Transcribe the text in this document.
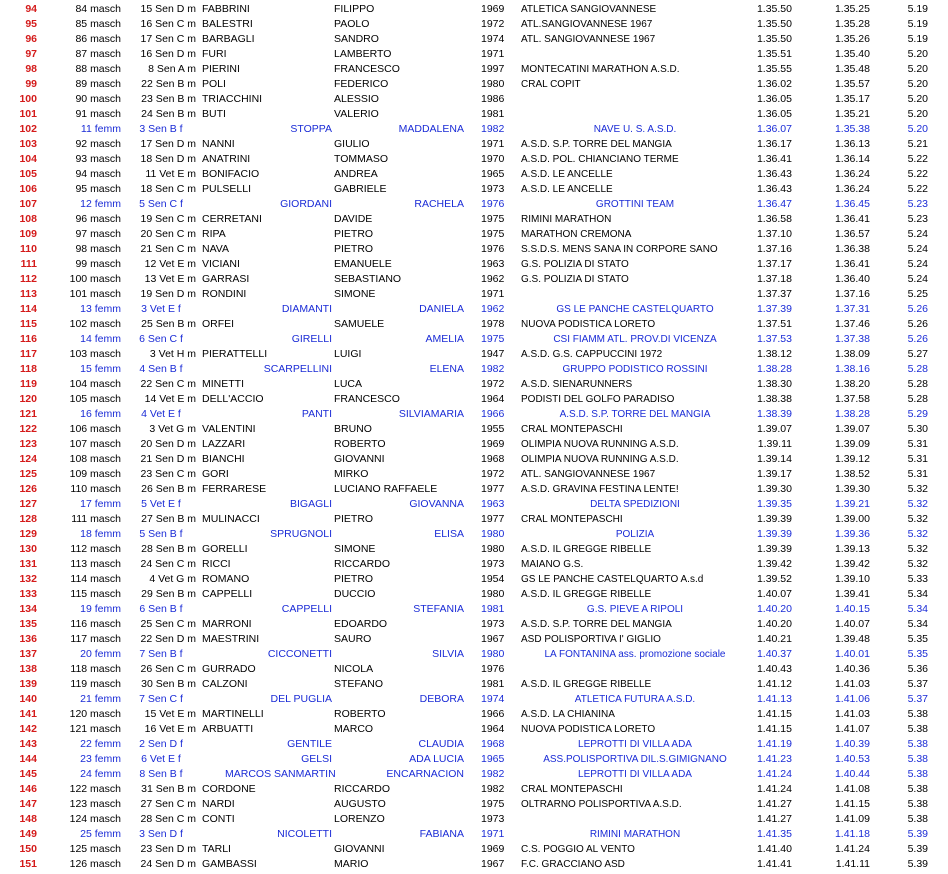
94	84 masch	15 Sen D m FABBRINI	FILIPPO	1969 ATLETICA SANGIOVANNESE	1.35.50	1.35.25	5.19
95	85 masch	16 Sen C m BALESTRI	PAOLO	1972 ATL.SANGIOVANNESE 1967	1.35.50	1.35.28	5.19
96	86 masch	17 Sen C m BARBAGLI	SANDRO	1974 ATL. SANGIOVANNESE 1967	1.35.50	1.35.26	5.19
97	87 masch	16 Sen D m FURI	LAMBERTO	1971	1.35.51	1.35.40	5.20
98	88 masch	8 Sen A m PIERINI	FRANCESCO	1997 MONTECATINI MARATHON A.S.D.	1.35.55	1.35.48	5.20
99	89 masch	22 Sen B m POLI	FEDERICO	1980 CRAL COPIT	1.36.02	1.35.57	5.20
100	90 masch	23 Sen B m TRIACCHINI	ALESSIO	1986	1.36.05	1.35.17	5.20
101	91 masch	24 Sen B m BUTI	VALERIO	1981	1.36.05	1.35.21	5.20
102	11 femm	3 Sen B f	STOPPA	MADDALENA 1982	NAVE U. S. A.S.D.	1.36.07	1.35.38	5.20
103	92 masch	17 Sen D m NANNI	GIULIO	1971 A.S.D. S.P. TORRE DEL MANGIA	1.36.17	1.36.13	5.21
104	93 masch	18 Sen D m ANATRINI	TOMMASO	1970 A.S.D. POL. CHIANCIANO TERME	1.36.41	1.36.14	5.22
105	94 masch	11 Vet E m BONIFACIO	ANDREA	1965 A.S.D. LE ANCELLE	1.36.43	1.36.24	5.22
106	95 masch	18 Sen C m PULSELLI	GABRIELE	1973 A.S.D. LE ANCELLE	1.36.43	1.36.24	5.22
107	12 femm	5 Sen C f	GIORDANI	RACHELA 1976	GROTTINI TEAM	1.36.47	1.36.45	5.23
108	96 masch	19 Sen C m CERRETANI	DAVIDE	1975 RIMINI MARATHON	1.36.58	1.36.41	5.23
109	97 masch	20 Sen C m RIPA	PIETRO	1975 MARATHON CREMONA	1.37.10	1.36.57	5.24
110	98 masch	21 Sen C m NAVA	PIETRO	1976 S.S.D.S. MENS SANA IN CORPORE SANO	1.37.16	1.36.38	5.24
111	99 masch	12 Vet E m VICIANI	EMANUELE	1963 G.S. POLIZIA DI STATO	1.37.17	1.36.41	5.24
112	100 masch	13 Vet E m GARRASI	SEBASTIANO	1962 G.S. POLIZIA DI STATO	1.37.18	1.36.40	5.24
113	101 masch	19 Sen D m RONDINI	SIMONE	1971	1.37.37	1.37.16	5.25
114	13 femm	3 Vet E f	DIAMANTI	DANIELA 1962	GS LE PANCHE CASTELQUARTO	1.37.39	1.37.31	5.26
115	102 masch	25 Sen B m ORFEI	SAMUELE	1978 NUOVA PODISTICA LORETO	1.37.51	1.37.46	5.26
116	14 femm	6 Sen C f	GIRELLI	AMELIA 1975	CSI FIAMM ATL. PROV.DI VICENZA	1.37.53	1.37.38	5.26
117	103 masch	3 Vet H m PIERATTELLI	LUIGI	1947 A.S.D. G.S. CAPPUCCINI 1972	1.38.12	1.38.09	5.27
118	15 femm	4 Sen B f	SCARPELLINI	ELENA 1982	GRUPPO PODISTICO ROSSINI	1.38.28	1.38.16	5.28
119	104 masch	22 Sen C m MINETTI	LUCA	1972 A.S.D. SIENARUNNERS	1.38.30	1.38.20	5.28
120	105 masch	14 Vet E m DELL'ACCIO	FRANCESCO	1964 PODISTI DEL GOLFO PARADISO	1.38.38	1.37.58	5.28
121	16 femm	4 Vet E f	PANTI	SILVIAMARIA 1966	A.S.D. S.P. TORRE DEL MANGIA	1.38.39	1.38.28	5.29
122	106 masch	3 Vet G m VALENTINI	BRUNO	1955 CRAL MONTEPASCHI	1.39.07	1.39.07	5.30
123	107 masch	20 Sen D m LAZZARI	ROBERTO	1969 OLIMPIA NUOVA RUNNING A.S.D.	1.39.11	1.39.09	5.31
124	108 masch	21 Sen D m BIANCHI	GIOVANNI	1968 OLIMPIA NUOVA RUNNING A.S.D.	1.39.14	1.39.12	5.31
125	109 masch	23 Sen C m GORI	MIRKO	1972 ATL. SANGIOVANNESE 1967	1.39.17	1.38.52	5.31
126	110 masch	26 Sen B m FERRARESE	LUCIANO RAFFAELE	1977 A.S.D. GRAVINA FESTINA LENTE!	1.39.30	1.39.30	5.32
127	17 femm	5 Vet E f	BIGAGLI	GIOVANNA 1963	DELTA SPEDIZIONI	1.39.35	1.39.21	5.32
128	111 masch	27 Sen B m MULINACCI	PIETRO	1977 CRAL MONTEPASCHI	1.39.39	1.39.00	5.32
129	18 femm	5 Sen B f	SPRUGNOLI	ELISA 1980	POLIZIA	1.39.39	1.39.36	5.32
130	112 masch	28 Sen B m GORELLI	SIMONE	1980 A.S.D. IL GREGGE RIBELLE	1.39.39	1.39.13	5.32
131	113 masch	24 Sen C m RICCI	RICCARDO	1973 MAIANO G.S.	1.39.42	1.39.42	5.32
132	114 masch	4 Vet G m ROMANO	PIETRO	1954 GS LE PANCHE CASTELQUARTO A.s.d	1.39.52	1.39.10	5.33
133	115 masch	29 Sen B m CAPPELLI	DUCCIO	1980 A.S.D. IL GREGGE RIBELLE	1.40.07	1.39.41	5.34
134	19 femm	6 Sen B f	CAPPELLI	STEFANIA 1981	G.S. PIEVE A RIPOLI	1.40.20	1.40.15	5.34
135	116 masch	25 Sen C m MARRONI	EDOARDO	1973 A.S.D. S.P. TORRE DEL MANGIA	1.40.20	1.40.07	5.34
136	117 masch	22 Sen D m MAESTRINI	SAURO	1967 ASD POLISPORTIVA I' GIGLIO	1.40.21	1.39.48	5.35
137	20 femm	7 Sen B f	CICCONETTI	SILVIA 1980	LA FONTANINA ass. promozione sociale	1.40.37	1.40.01	5.35
138	118 masch	26 Sen C m GURRADO	NICOLA	1976	1.40.43	1.40.36	5.36
139	119 masch	30 Sen B m CALZONI	STEFANO	1981 A.S.D. IL GREGGE RIBELLE	1.41.12	1.41.03	5.37
140	21 femm	7 Sen C f	DEL PUGLIA	DEBORA 1974	ATLETICA FUTURA A.S.D.	1.41.13	1.41.06	5.37
141	120 masch	15 Vet E m MARTINELLI	ROBERTO	1966 A.S.D. LA CHIANINA	1.41.15	1.41.03	5.38
142	121 masch	16 Vet E m ARBUATTI	MARCO	1964 NUOVA PODISTICA LORETO	1.41.15	1.41.07	5.38
143	22 femm	2 Sen D f	GENTILE	CLAUDIA 1968	LEPROTTI DI VILLA ADA	1.41.19	1.40.39	5.38
144	23 femm	6 Vet E f	GELSI	ADA LUCIA 1965	ASS.POLISPORTIVA DIL.S.GIMIGNANO	1.41.23	1.40.53	5.38
145	24 femm	8 Sen B f	MARCOS SANMARTIN	ENCARNACION 1982	LEPROTTI DI VILLA ADA	1.41.24	1.40.44	5.38
146	122 masch	31 Sen B m CORDONE	RICCARDO	1982 CRAL MONTEPASCHI	1.41.24	1.41.08	5.38
147	123 masch	27 Sen C m NARDI	AUGUSTO	1975 OLTRARNO POLISPORTIVA A.S.D.	1.41.27	1.41.15	5.38
148	124 masch	28 Sen C m CONTI	LORENZO	1973	1.41.27	1.41.09	5.38
149	25 femm	3 Sen D f	NICOLETTI	FABIANA 1971	RIMINI MARATHON	1.41.35	1.41.18	5.39
150	125 masch	23 Sen D m TARLI	GIOVANNI	1969 C.S. POGGIO AL VENTO	1.41.40	1.41.24	5.39
151	126 masch	24 Sen D m GAMBASSI	MARIO	1967 F.C. GRACCIANO ASD	1.41.41	1.41.11	5.39
